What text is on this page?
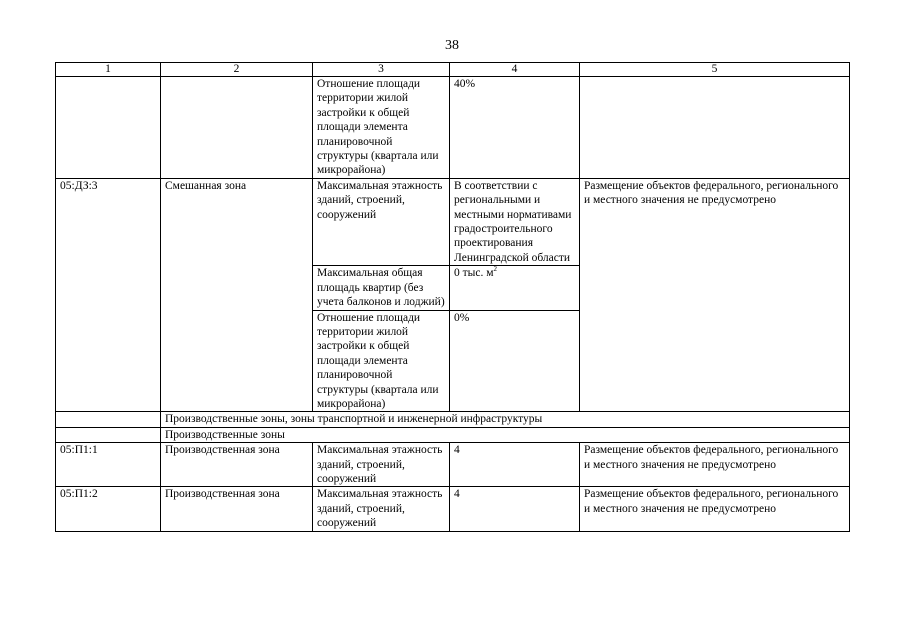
38
1	2	3	4	5
		Отношение площади территории жилой застройки к общей площади элемента планировочной структуры (квартала или микрорайона)	40%	
05:ДЗ:3	Смешанная зона	Максимальная этажность зданий, строений, сооружений	В соответствии с региональными и местными нормативами градостроительного проектирования Ленинградской области	Размещение объектов федерального, регионального и местного значения не предусмотрено
		Максимальная общая площадь квартир (без учета балконов и лоджий)	0 тыс. $м^2$
		Отношение площади территории жилой застройки к общей площади элемента планировочной структуры (квартала или микрорайона)	0%	
	Производственные зоны, зоны транспортной и инженерной инфраструктуры			
	Производственные зоны			
05:П1:1	Производственная зона	Максимальная этажность зданий, строений, сооружений	4	Размещение объектов федерального, регионального и местного значения не предусмотрено
05:П1:2	Производственная зона	Максимальная этажность зданий, строений, сооружений	4	Размещение объектов федерального, регионального и местного значения не предусмотрено
